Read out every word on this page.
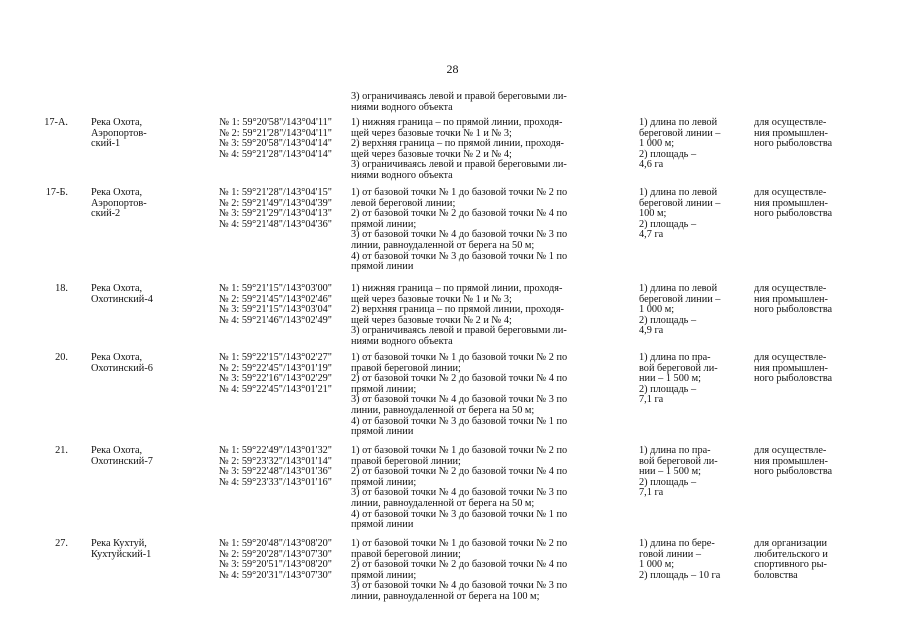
28
3) ограничиваясь левой и правой береговыми ли-
ниями водного объекта
17-А. Река Охота,
Аэропортов-
ский-1
№ 1: 59°20'58"/143°04'11"
№ 2: 59°21'28"/143°04'11"
№ 3: 59°20'58"/143°04'14"
№ 4: 59°21'28"/143°04'14"
1) нижняя граница – по прямой линии, проходя-
щей через базовые точки № 1 и № 3;
2) верхняя граница – по прямой линии, проходя-
щей через базовые точки № 2 и № 4;
3) ограничиваясь левой и правой береговыми ли-
ниями водного объекта
1) длина по левой
береговой линии –
1 000 м;
2) площадь –
4,6 га
для осуществле-
ния промышлен-
ного рыболовства
17-Б. Река Охота,
Аэропортов-
ский-2
№ 1: 59°21'28"/143°04'15"
№ 2: 59°21'49"/143°04'39"
№ 3: 59°21'29"/143°04'13"
№ 4: 59°21'48"/143°04'36"
1) от базовой точки № 1 до базовой точки № 2 по
левой береговой линии;
2) от базовой точки № 2 до базовой точки № 4 по
прямой линии;
3) от базовой точки № 4 до базовой точки № 3 по
линии, равноудаленной от берега на 50 м;
4) от базовой точки № 3 до базовой точки № 1 по
прямой линии
1) длина по левой
береговой линии –
100 м;
2) площадь –
4,7 га
для осуществле-
ния промышлен-
ного рыболовства
18. Река Охота,
Охотинский-4
№ 1: 59°21'15"/143°03'00"
№ 2: 59°21'45"/143°02'46"
№ 3: 59°21'15"/143°03'04"
№ 4: 59°21'46"/143°02'49"
1) нижняя граница – по прямой линии, проходя-
щей через базовые точки № 1 и № 3;
2) верхняя граница – по прямой линии, проходя-
щей через базовые точки № 2 и № 4;
3) ограничиваясь левой и правой береговыми ли-
ниями водного объекта
1) длина по левой
береговой линии –
1 000 м;
2) площадь –
4,9 га
для осуществле-
ния промышлен-
ного рыболовства
20. Река Охота,
Охотинский-6
№ 1: 59°22'15"/143°02'27"
№ 2: 59°22'45"/143°01'19"
№ 3: 59°22'16"/143°02'29"
№ 4: 59°22'45"/143°01'21"
1) от базовой точки № 1 до базовой точки № 2 по
правой береговой линии;
2) от базовой точки № 2 до базовой точки № 4 по
прямой линии;
3) от базовой точки № 4 до базовой точки № 3 по
линии, равноудаленной от берега на 50 м;
4) от базовой точки № 3 до базовой точки № 1 по
прямой линии
1) длина по пра-
вой береговой ли-
нии – 1 500 м;
2) площадь –
7,1 га
для осуществле-
ния промышлен-
ного рыболовства
21. Река Охота,
Охотинский-7
№ 1: 59°22'49"/143°01'32"
№ 2: 59°23'32"/143°01'14"
№ 3: 59°22'48"/143°01'36"
№ 4: 59°23'33"/143°01'16"
1) от базовой точки № 1 до базовой точки № 2 по
правой береговой линии;
2) от базовой точки № 2 до базовой точки № 4 по
прямой линии;
3) от базовой точки № 4 до базовой точки № 3 по
линии, равноудаленной от берега на 50 м;
4) от базовой точки № 3 до базовой точки № 1 по
прямой линии
1) длина по пра-
вой береговой ли-
нии – 1 500 м;
2) площадь –
7,1 га
для осуществле-
ния промышлен-
ного рыболовства
27. Река Кухтуй,
Кухтуйский-1
№ 1: 59°20'48"/143°08'20"
№ 2: 59°20'28"/143°07'30"
№ 3: 59°20'51"/143°08'20"
№ 4: 59°20'31"/143°07'30"
1) от базовой точки № 1 до базовой точки № 2 по
правой береговой линии;
2) от базовой точки № 2 до базовой точки № 4 по
прямой линии;
3) от базовой точки № 4 до базовой точки № 3 по
линии, равноудаленной от берега на 100 м;
1) длина по бере-
говой линии –
1 000 м;
2) площадь – 10 га
для организации
любительского и
спортивного ры-
боловства
